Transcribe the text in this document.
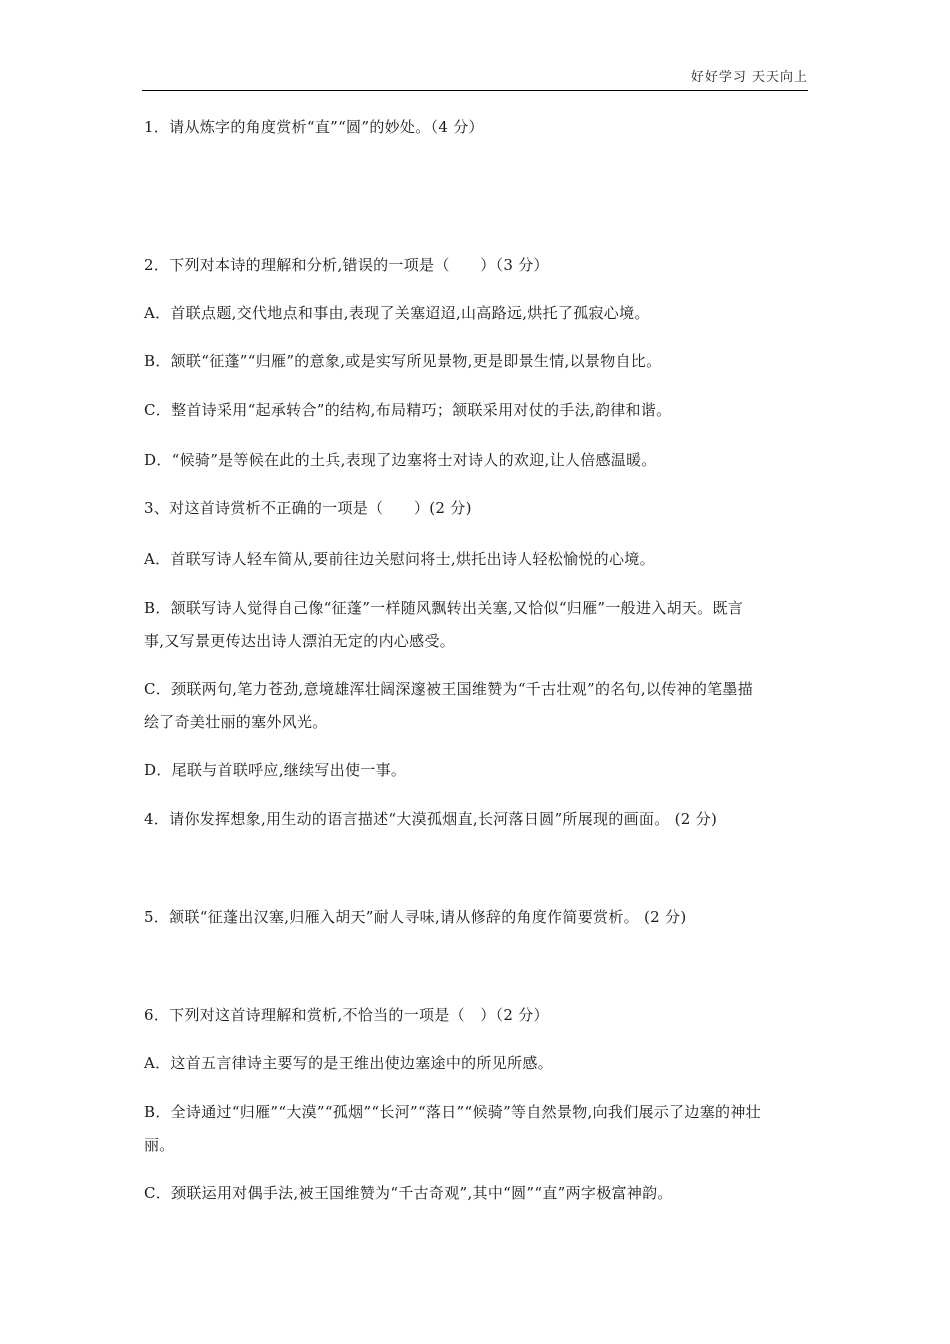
好好学习 天天向上
1．请从炼字的角度赏析“直”“圆”的妙处。（4 分）
2．下列对本诗的理解和分析,错误的一项是（　　）（3 分）
A．首联点题,交代地点和事由,表现了关塞迢迢,山高路远,烘托了孤寂心境。
B．颔联“征蓬”“归雁”的意象,或是实写所见景物,更是即景生情,以景物自比。
C．整首诗采用“起承转合”的结构,布局精巧；颔联采用对仗的手法,韵律和谐。
D．“候骑”是等候在此的土兵,表现了边塞将士对诗人的欢迎,让人倍感温暖。
3、对这首诗赏析不正确的一项是（　　）(2 分)
A．首联写诗人轻车简从,要前往边关慰问将士,烘托出诗人轻松愉悦的心境。
B．颔联写诗人觉得自己像“征蓬”一样随风飘转出关塞,又恰似“归雁”一般进入胡天。既言
事,又写景更传达出诗人漂泊无定的内心感受。
C．颈联两句,笔力苍劲,意境雄浑壮阔深邃被王国维赞为“千古壮观”的名句,以传神的笔墨描
绘了奇美壮丽的塞外风光。
D．尾联与首联呼应,继续写出使一事。
4．请你发挥想象,用生动的语言描述“大漠孤烟直,长河落日圆”所展现的画面。 (2 分)
5．颔联“征蓬出汉塞,归雁入胡天”耐人寻味,请从修辞的角度作简要赏析。 (2 分)
6．下列对这首诗理解和赏析,不恰当的一项是（　）（2 分）
A．这首五言律诗主要写的是王维出使边塞途中的所见所感。
B．全诗通过“归雁”“大漠”“孤烟”“长河”“落日”“候骑”等自然景物,向我们展示了边塞的神壮
丽。
C．颈联运用对偶手法,被王国维赞为“千古奇观”,其中“圆”“直”两字极富神韵。
